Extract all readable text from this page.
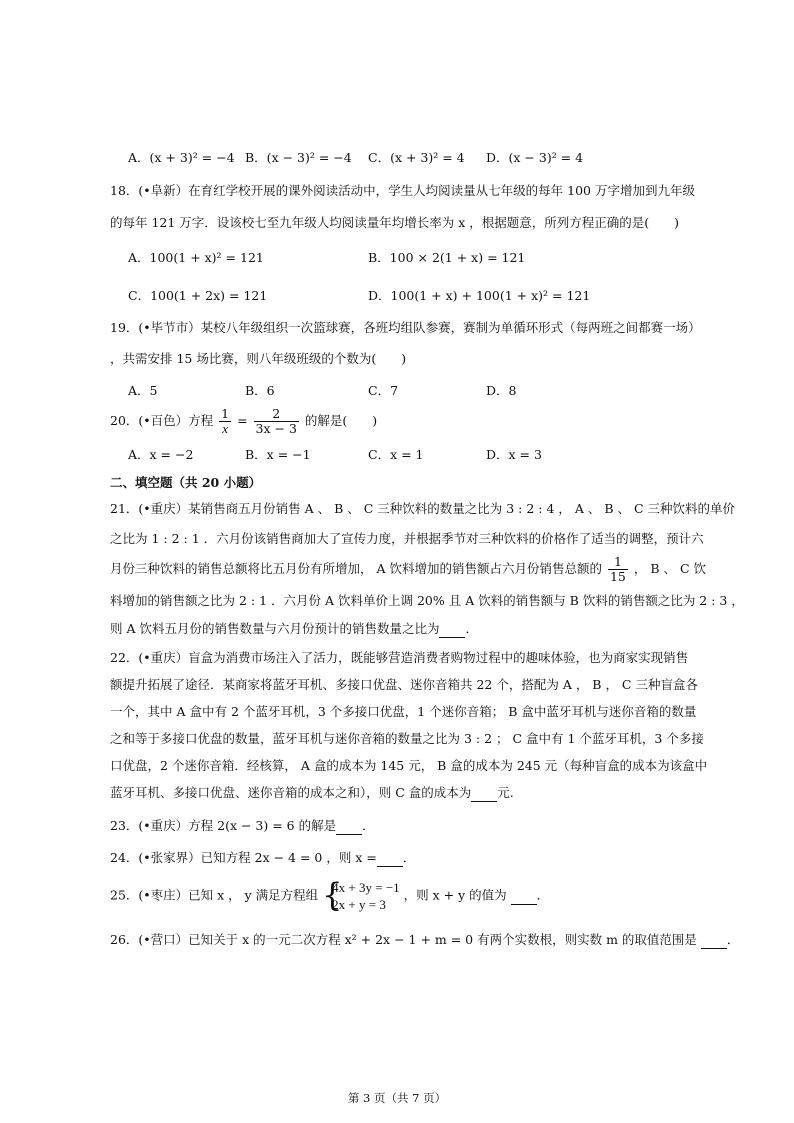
A．(x + 3)² = −4 B．(x − 3)² = −4 C．(x + 3)² = 4 D．(x − 3)² = 4
18．(•阜新）在育红学校开展的课外阅读活动中，学生人均阅读量从七年级的每年 100 万字增加到九年级
的每年 121 万字．设该校七至九年级人均阅读量年均增长率为 x ，根据题意，所列方程正确的是(　　)
A．100(1 + x)² = 121	B．100 × 2(1 + x) = 121
C．100(1 + 2x) = 121	D．100(1 + x) + 100(1 + x)² = 121
19．(•毕节市）某校八年级组织一次篮球赛，各班均组队参赛，赛制为单循环形式（每两班之间都赛一场）
，共需安排 15 场比赛，则八年级班级的个数为(　　)
A．5	B．6	C．7	D．8
20．(•百色）方程 $\frac{1}{x} = \frac{2}{3x - 3}$ 的解是(　　)
A．x = −2	B．x = −1	C．x = 1	D．x = 3
二、填空题（共 20 小题）
21．(•重庆）某销售商五月份销售 A 、 B 、 C 三种饮料的数量之比为 3 : 2 : 4 ， A 、 B 、 C 三种饮料的单价
之比为 1 : 2 : 1 ．六月份该销售商加大了宣传力度，并根据季节对三种饮料的价格作了适当的调整，预计六
月份三种饮料的销售总额将比五月份有所增加， A 饮料增加的销售额占六月份销售总额的 $\frac{1}{15}$ ， B 、 C 饮
料增加的销售额之比为 2 : 1 ．六月份 A 饮料单价上调 20% 且 A 饮料的销售额与 B 饮料的销售额之比为 2 : 3 ，
则 A 饮料五月份的销售数量与六月份预计的销售数量之比为 ．
22．(•重庆）盲盒为消费市场注入了活力，既能够营造消费者购物过程中的趣味体验，也为商家实现销售
额提升拓展了途径．某商家将蓝牙耳机、多接口优盘、迷你音箱共 22 个，搭配为 A ， B ， C 三种盲盒各
一个，其中 A 盒中有 2 个蓝牙耳机，3 个多接口优盘，1 个迷你音箱； B 盒中蓝牙耳机与迷你音箱的数量
之和等于多接口优盘的数量，蓝牙耳机与迷你音箱的数量之比为 3 : 2 ； C 盒中有 1 个蓝牙耳机，3 个多接
口优盘，2 个迷你音箱．经核算， A 盒的成本为 145 元， B 盒的成本为 245 元（每种盲盒的成本为该盒中
蓝牙耳机、多接口优盘、迷你音箱的成本之和），则 C 盒的成本为 元.
23．(•重庆）方程 2(x − 3) = 6 的解是 ．
24．(•张家界）已知方程 2x − 4 = 0 ，则 x = ．
25．(•枣庄）已知 x ， y 满足方程组 {
4x + 3y = −1
2x + y = 3
，则 x + y 的值为 ．
26．(•营口）已知关于 x 的一元二次方程 x² + 2x − 1 + m = 0 有两个实数根，则实数 m 的取值范围是 ．
第 3 页（共 7 页）
